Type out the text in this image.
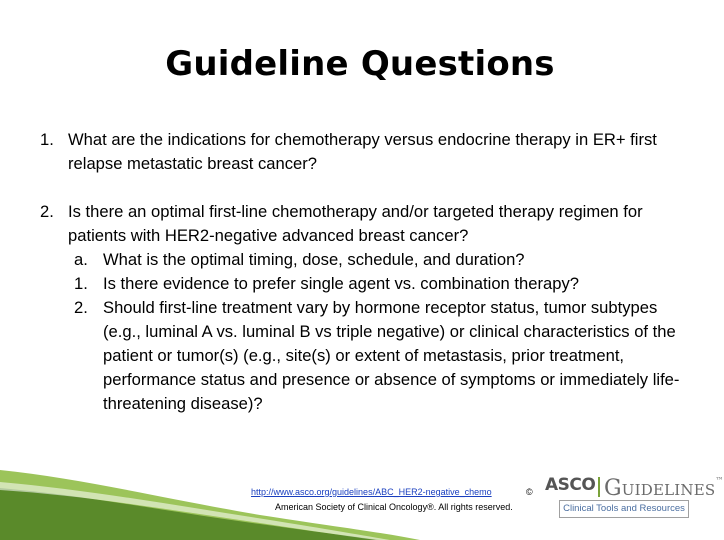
Guideline Questions
1. What are the indications for chemotherapy versus endocrine therapy in ER+ first relapse metastatic breast cancer?
2. Is there an optimal first-line chemotherapy and/or targeted therapy regimen for patients with HER2-negative advanced breast cancer?
a. What is the optimal timing, dose, schedule, and duration?
1. Is there evidence to prefer single agent vs. combination therapy?
2. Should first-line treatment vary by hormone receptor status, tumor subtypes (e.g., luminal A vs. luminal B vs triple negative) or clinical characteristics of the patient or tumor(s) (e.g., site(s) or extent of metastasis, prior treatment, performance status and presence or absence of symptoms or immediately life-threatening disease)?
http://www.asco.org/guidelines/ABC_HER2-negative_chemo	©
American Society of Clinical Oncology®. All rights reserved.
ASCO GUIDELINES™
Clinical Tools and Resources
